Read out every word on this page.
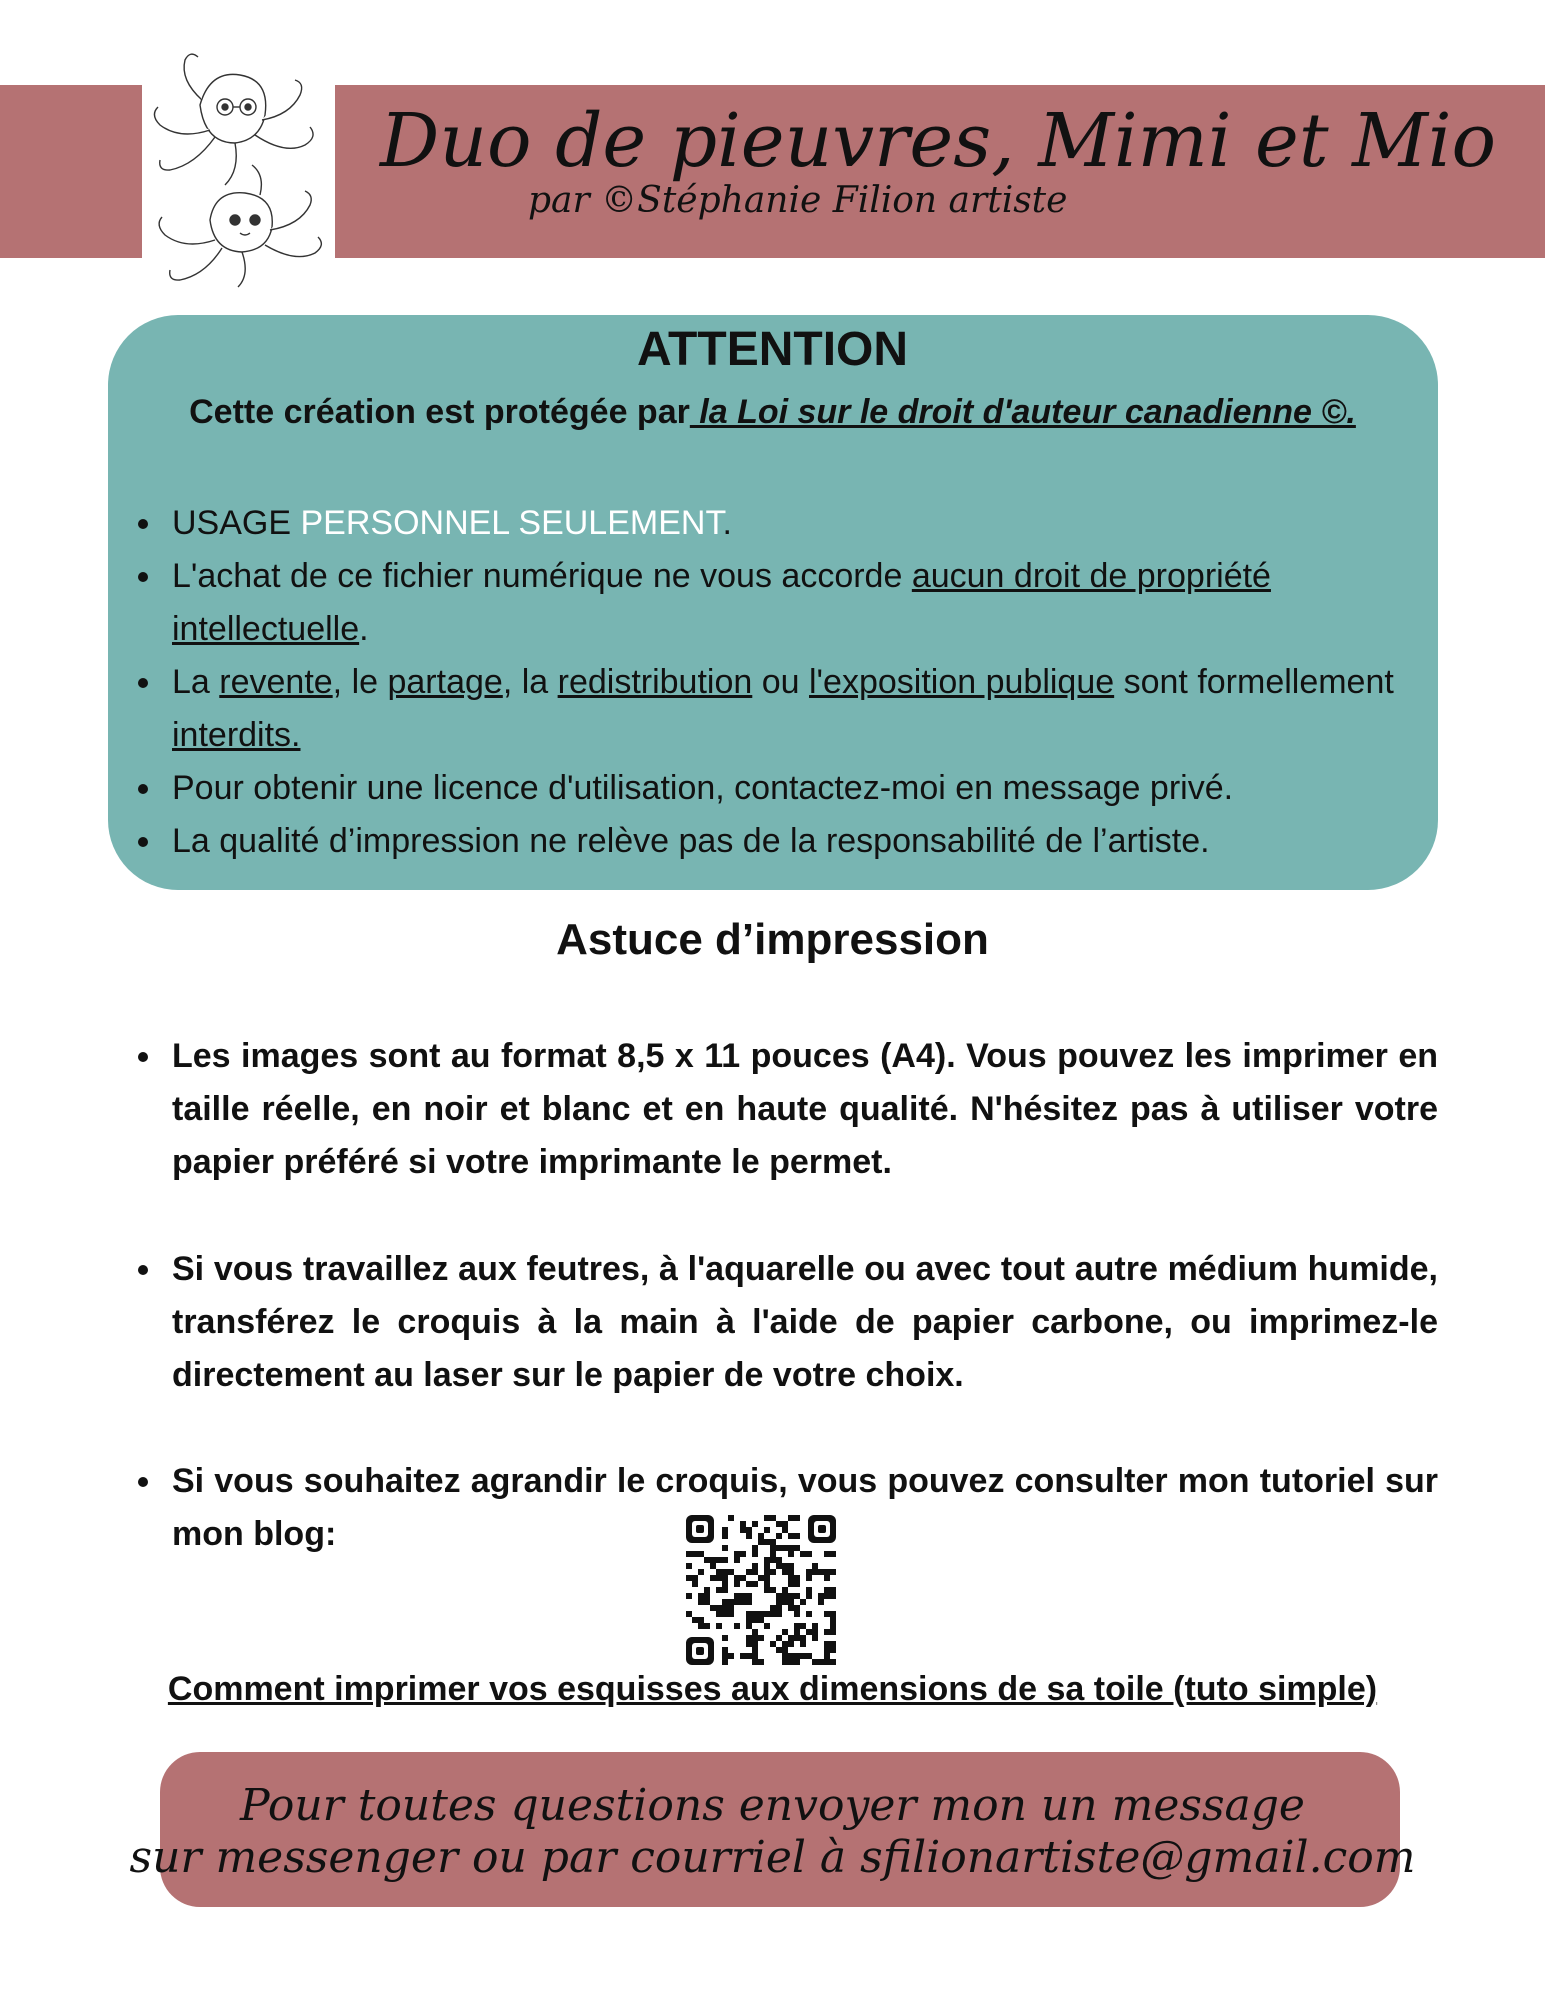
Duo de pieuvres, Mimi et Mio
par ©Stéphanie Filion artiste
ATTENTION
Cette création est protégée par la Loi sur le droit d'auteur canadienne ©.
USAGE PERSONNEL SEULEMENT.
L'achat de ce fichier numérique ne vous accorde aucun droit de propriété intellectuelle.
La revente, le partage, la redistribution ou l'exposition publique sont formellement interdits.
Pour obtenir une licence d'utilisation, contactez-moi en message privé.
La qualité d’impression ne relève pas de la responsabilité de l’artiste.
Astuce d’impression
Les images sont au format 8,5 x 11 pouces (A4). Vous pouvez les imprimer en taille réelle, en noir et blanc et en haute qualité. N'hésitez pas à utiliser votre papier préféré si votre imprimante le permet.
Si vous travaillez aux feutres, à l'aquarelle ou avec tout autre médium humide, transférez le croquis à la main à l'aide de papier carbone, ou imprimez-le directement au laser sur le papier de votre choix.
Si vous souhaitez agrandir le croquis, vous pouvez consulter mon tutoriel sur mon blog:
Comment imprimer vos esquisses aux dimensions de sa toile (tuto simple)
Pour toutes questions envoyer mon un message
sur messenger ou par courriel à sfilionartiste@gmail.com
